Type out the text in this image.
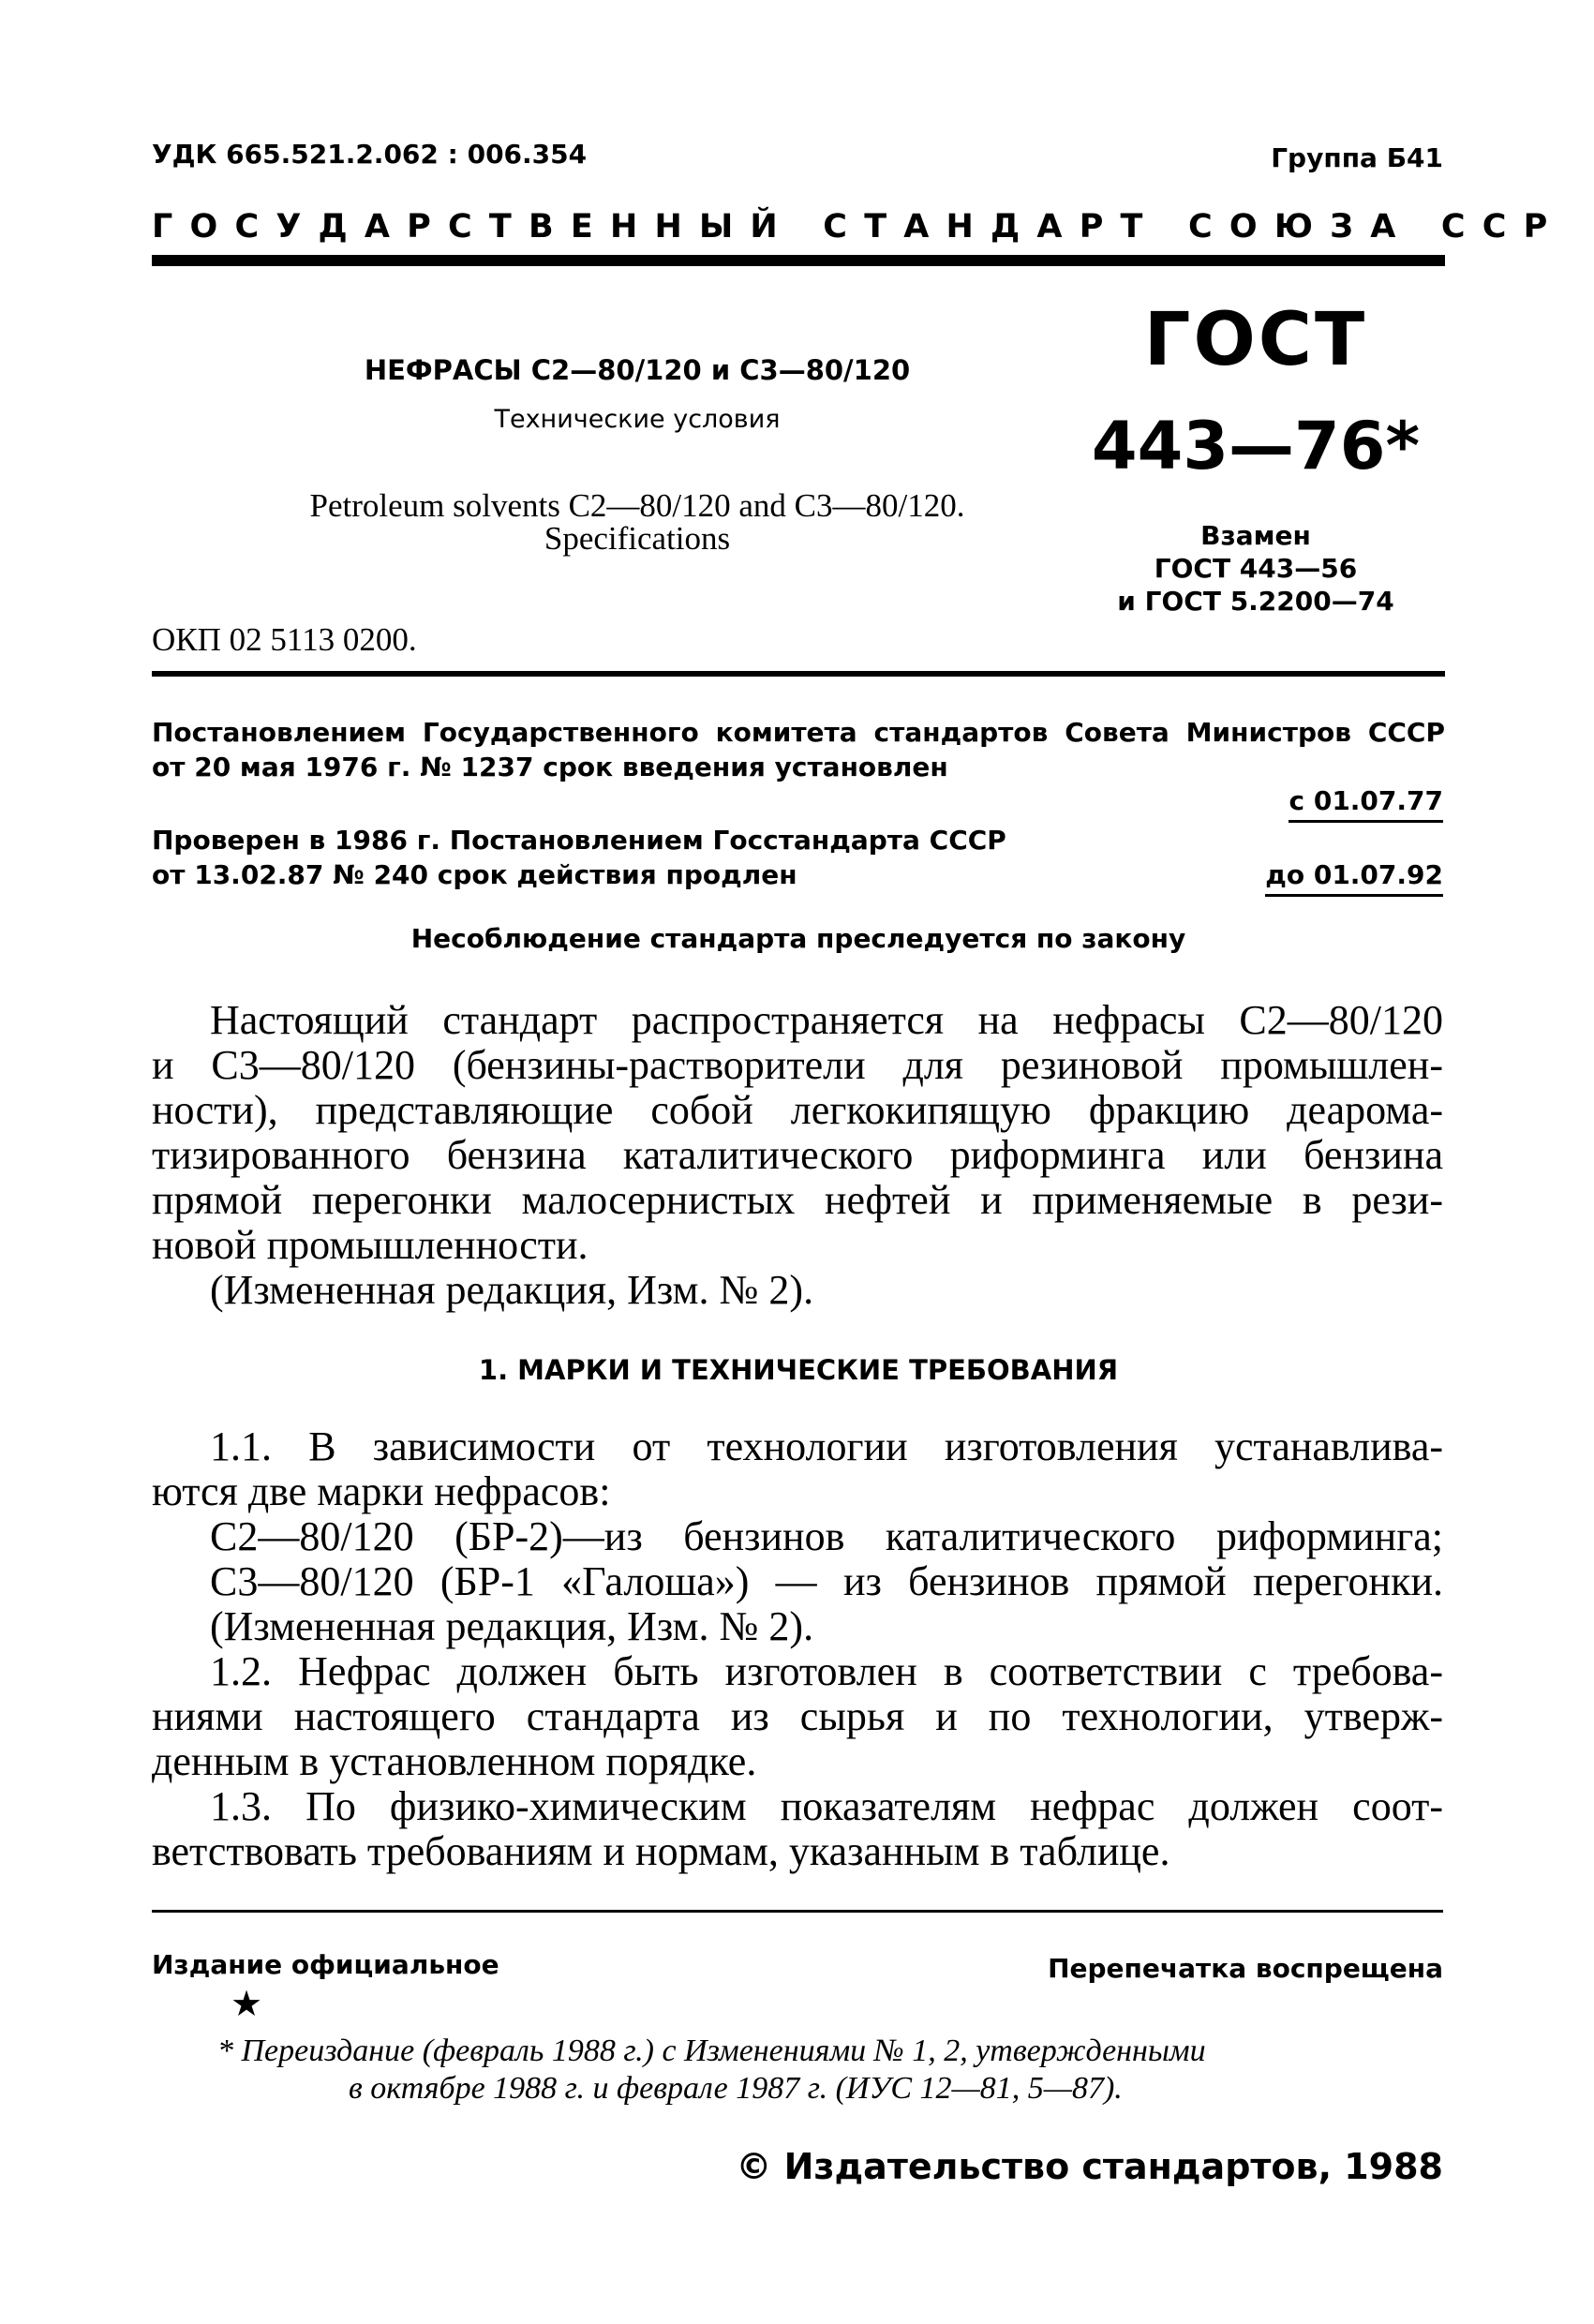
УДК 665.521.2.062 : 006.354	Группа Б41
ГОСУДАРСТВЕННЫЙ СТАНДАРТ СОЮЗА ССР
НЕФРАСЫ С2—80/120 и С3—80/120
Технические условия
Petroleum solvents C2—80/120 and C3—80/120.
Specifications
ОКП 02 5113 0200.
ГОСТ
443—76*
Взамен
ГОСТ 443—56
и ГОСТ 5.2200—74
Постановлением Государственного комитета стандартов Совета Министров СССР
от 20 мая 1976 г. № 1237 срок введения установлен
с 01.07.77
Проверен в 1986 г. Постановлением Госстандарта СССР
от 13.02.87 № 240 срок действия продлен	до 01.07.92
Несоблюдение стандарта преследуется по закону
Настоящий стандарт распространяется на нефрасы С2—80/120
и С3—80/120 (бензины-растворители для резиновой промышлен-
ности), представляющие собой легкокипящую фракцию деарома-
тизированного бензина каталитического риформинга или бензина
прямой перегонки малосернистых нефтей и применяемые в рези-
новой промышленности.
(Измененная редакция, Изм. № 2).
1. МАРКИ И ТЕХНИЧЕСКИЕ ТРЕБОВАНИЯ
1.1. В зависимости от технологии изготовления устанавлива-
ются две марки нефрасов:
С2—80/120 (БР-2)—из бензинов каталитического риформинга;
С3—80/120 (БР-1 «Галоша») — из бензинов прямой перегонки.
(Измененная редакция, Изм. № 2).
1.2. Нефрас должен быть изготовлен в соответствии с требова-
ниями настоящего стандарта из сырья и по технологии, утверж-
денным в установленном порядке.
1.3. По физико-химическим показателям нефрас должен соот-
ветствовать требованиям и нормам, указанным в таблице.
Издание официальное	Перепечатка воспрещена
★
* Переиздание (февраль 1988 г.) с Изменениями № 1, 2, утвержденными
в октябре 1988 г. и феврале 1987 г. (ИУС 12—81, 5—87).
© Издательство стандартов, 1988
